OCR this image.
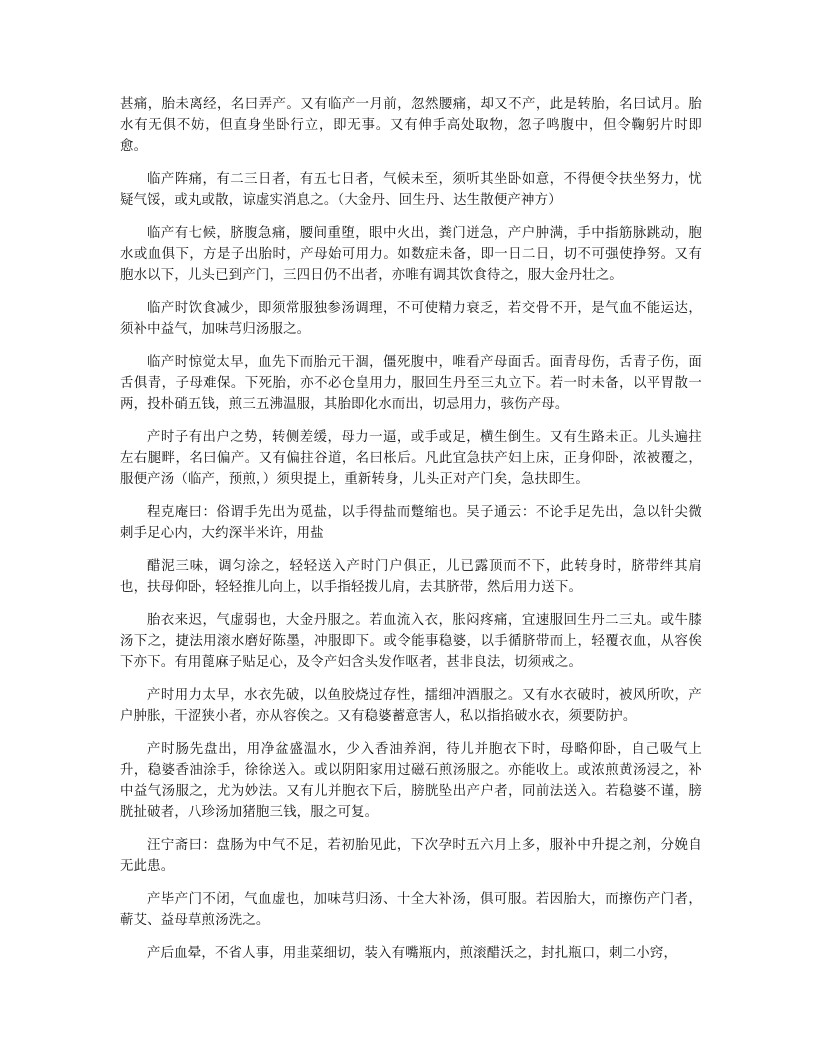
甚痛，胎未离经，名曰弄产。又有临产一月前，忽然腰痛，却又不产，此是转胎，名曰试月。胎水有无俱不妨，但直身坐卧行立，即无事。又有伸手高处取物，忽子鸣腹中，但令鞠躬片时即愈。

临产阵痛，有二三日者，有五七日者，气候未至，须听其坐卧如意，不得便令扶坐努力，忧疑气馁，或丸或散，谅虚实消息之。（大金丹、回生丹、达生散便产神方）

临产有七候，脐腹急痛，腰间重堕，眼中火出，粪门迸急，产户肿满，手中指筋脉跳动，胞水或血俱下，方是子出胎时，产母始可用力。如数症未备，即一日二日，切不可强使挣努。又有胞水以下，儿头已到产门，三四日仍不出者，亦唯有调其饮食待之，服大金丹壮之。

临产时饮食减少，即须常服独参汤调理，不可使精力衰乏，若交骨不开，是气血不能运达，须补中益气，加味芎归汤服之。

临产时惊觉太早，血先下而胎元干涸，僵死腹中，唯看产母面舌。面青母伤，舌青子伤，面舌俱青，子母难保。下死胎，亦不必仓皇用力，服回生丹至三丸立下。若一时未备，以平胃散一两，投朴硝五钱，煎三五沸温服，其胎即化水而出，切忌用力，骇伤产母。

产时子有出户之势，转侧差缓，母力一逼，或手或足，横生倒生。又有生路未正。儿头遍拄左右腿畔，名曰偏产。又有偏拄谷道，名曰枨后。凡此宜急扶产妇上床，正身仰卧，浓被覆之，服便产汤（临产，预煎，）须臾提上，重新转身，儿头正对产门矣，急扶即生。

程克庵曰：俗谓手先出为觅盐，以手得盐而蹩缩也。吴子通云：不论手足先出，急以针尖微刺手足心内，大约深半米许，用盐

醋泥三味，调匀涂之，轻轻送入产时门户俱正，儿已露顶而不下，此转身时，脐带绊其肩也，扶母仰卧，轻轻推儿向上，以手指轻拨儿肩，去其脐带，然后用力送下。

胎衣来迟，气虚弱也，大金丹服之。若血流入衣，胀闷疼痛，宜速服回生丹二三丸。或牛膝汤下之，捷法用滚水磨好陈墨，冲服即下。或令能事稳婆，以手循脐带而上，轻覆衣血，从容俟下亦下。有用蓖麻子贴足心，及令产妇含头发作呕者，甚非良法，切须戒之。

产时用力太早，水衣先破，以鱼胶烧过存性，擂细冲酒服之。又有水衣破时，被风所吹，产户肿胀，干涩狭小者，亦从容俟之。又有稳婆蓄意害人，私以指掐破水衣，须要防护。

产时肠先盘出，用净盆盛温水，少入香油养润，待儿并胞衣下时，母略仰卧，自己吸气上升，稳婆香油涂手，徐徐送入。或以阴阳家用过磁石煎汤服之。亦能收上。或浓煎黄汤浸之，补中益气汤服之，尤为妙法。又有儿并胞衣下后，膀胱坠出产户者，同前法送入。若稳婆不谨，膀胱扯破者，八珍汤加猪胞三钱，服之可复。

汪宁斋曰：盘肠为中气不足，若初胎见此，下次孕时五六月上多，服补中升提之剂，分娩自无此患。

产毕产门不闭，气血虚也，加味芎归汤、十全大补汤，俱可服。若因胎大，而擦伤产门者，蕲艾、益母草煎汤洗之。

产后血晕，不省人事，用韭菜细切，装入有嘴瓶内，煎滚醋沃之，封扎瓶口，刺二小窍，
